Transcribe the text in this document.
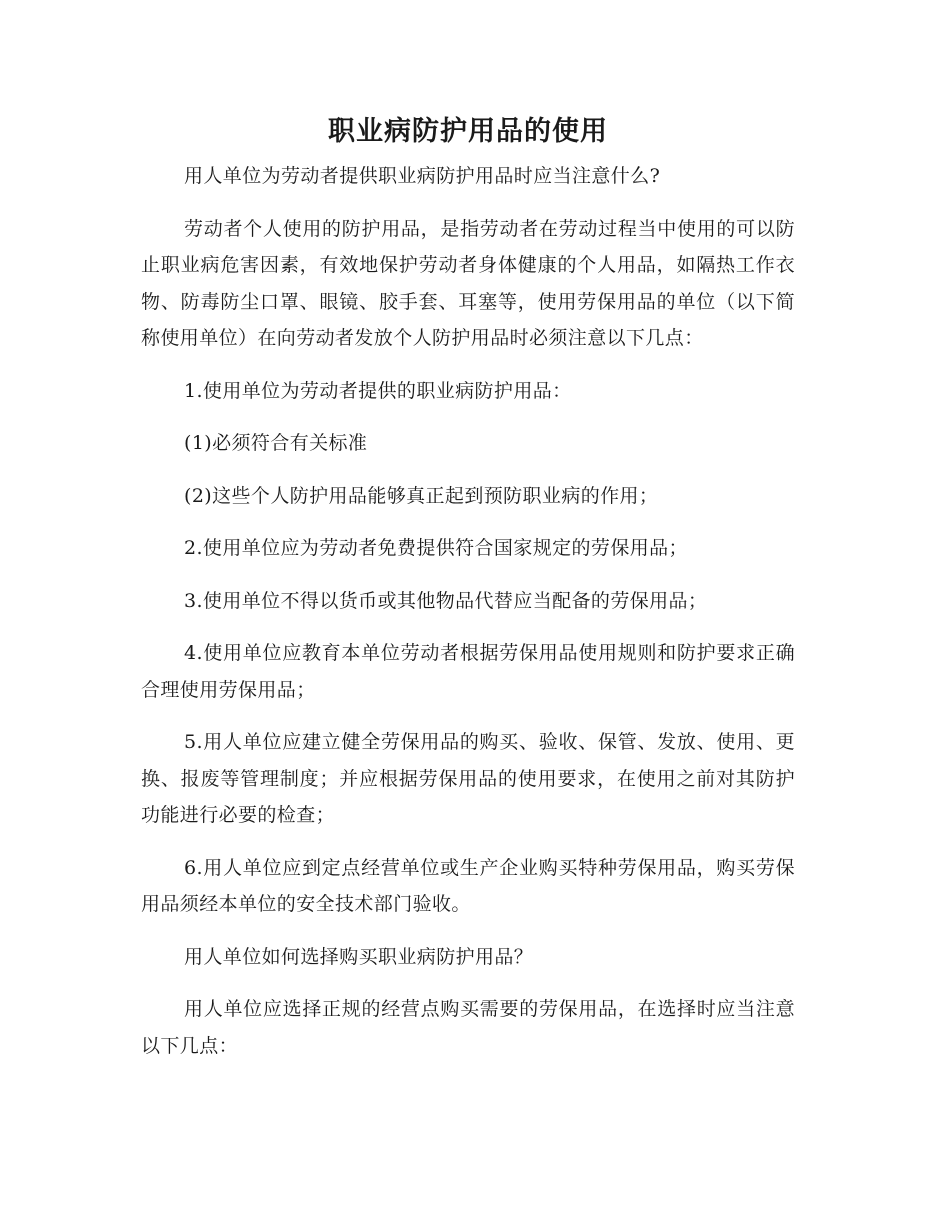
职业病防护用品的使用

用人单位为劳动者提供职业病防护用品时应当注意什么?

劳动者个人使用的防护用品，是指劳动者在劳动过程当中使用的可以防止职业病危害因素，有效地保护劳动者身体健康的个人用品，如隔热工作衣物、防毒防尘口罩、眼镜、胶手套、耳塞等，使用劳保用品的单位（以下简称使用单位）在向劳动者发放个人防护用品时必须注意以下几点：

1.使用单位为劳动者提供的职业病防护用品：

(1)必须符合有关标准

(2)这些个人防护用品能够真正起到预防职业病的作用；

2.使用单位应为劳动者免费提供符合国家规定的劳保用品；

3.使用单位不得以货币或其他物品代替应当配备的劳保用品；

4.使用单位应教育本单位劳动者根据劳保用品使用规则和防护要求正确合理使用劳保用品；

5.用人单位应建立健全劳保用品的购买、验收、保管、发放、使用、更换、报废等管理制度；并应根据劳保用品的使用要求，在使用之前对其防护功能进行必要的检查；

6.用人单位应到定点经营单位或生产企业购买特种劳保用品，购买劳保用品须经本单位的安全技术部门验收。

用人单位如何选择购买职业病防护用品？

用人单位应选择正规的经营点购买需要的劳保用品，在选择时应当注意以下几点：
